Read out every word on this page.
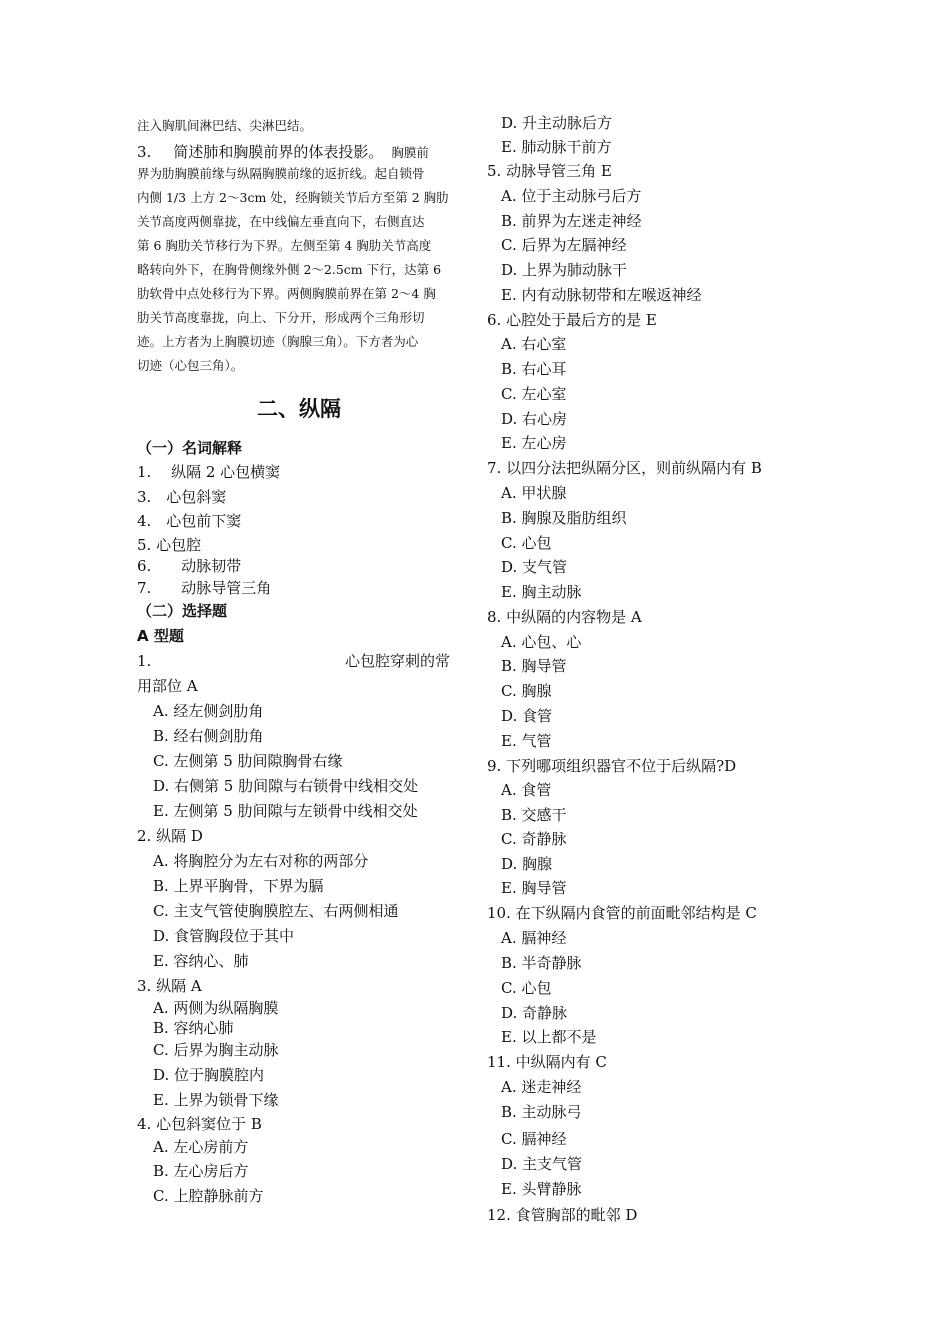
注入胸肌间淋巴结、尖淋巴结。
3. 简述肺和胸膜前界的体表投影。 胸膜前
界为肋胸膜前缘与纵隔胸膜前缘的返折线。起自锁骨
内侧 1/3 上方 2～3cm 处，经胸锁关节后方至第 2 胸肋
关节高度两侧靠拢，在中线偏左垂直向下，右侧直达
第 6 胸肋关节移行为下界。左侧至第 4 胸肋关节高度
略转向外下，在胸骨侧缘外侧 2～2.5cm 下行，达第 6
肋软骨中点处移行为下界。两侧胸膜前界在第 2～4 胸
肋关节高度靠拢，向上、下分开，形成两个三角形切
迹。上方者为上胸膜切迹（胸腺三角）。下方者为心
切迹（心包三角）。
二、纵隔
（一）名词解释
1.　 纵隔 2 心包横窦
3.　心包斜窦
4.　心包前下窦
5. 心包腔
6.　　动脉韧带
7.　　动脉导管三角
（二）选择题
A 型题
1.	心包腔穿刺的常
用部位 A
A. 经左侧剑肋角
B. 经右侧剑肋角
C. 左侧第 5 肋间隙胸骨右缘
D. 右侧第 5 肋间隙与右锁骨中线相交处
E. 左侧第 5 肋间隙与左锁骨中线相交处
2. 纵隔 D
A. 将胸腔分为左右对称的两部分
B. 上界平胸骨，下界为膈
C. 主支气管使胸膜腔左、右两侧相通
D. 食管胸段位于其中
E. 容纳心、肺
3. 纵隔 A
A. 两侧为纵隔胸膜
B. 容纳心肺
C. 后界为胸主动脉
D. 位于胸膜腔内
E. 上界为锁骨下缘
4. 心包斜窦位于 B
A. 左心房前方
B. 左心房后方
C. 上腔静脉前方
D. 升主动脉后方
E. 肺动脉干前方
5. 动脉导管三角 E
A. 位于主动脉弓后方
B. 前界为左迷走神经
C. 后界为左膈神经
D. 上界为肺动脉干
E. 内有动脉韧带和左喉返神经
6. 心腔处于最后方的是 E
A. 右心室
B. 右心耳
C. 左心室
D. 右心房
E. 左心房
7. 以四分法把纵隔分区，则前纵隔内有 B
A. 甲状腺
B. 胸腺及脂肪组织
C. 心包
D. 支气管
E. 胸主动脉
8. 中纵隔的内容物是 A
A. 心包、心
B. 胸导管
C. 胸腺
D. 食管
E. 气管
9. 下列哪项组织器官不位于后纵隔?D
A. 食管
B. 交感干
C. 奇静脉
D. 胸腺
E. 胸导管
10. 在下纵隔内食管的前面毗邻结构是 C
A. 膈神经
B. 半奇静脉
C. 心包
D. 奇静脉
E. 以上都不是
11. 中纵隔内有 C
A. 迷走神经
B. 主动脉弓
C. 膈神经
D. 主支气管
E. 头臂静脉
12. 食管胸部的毗邻 D
